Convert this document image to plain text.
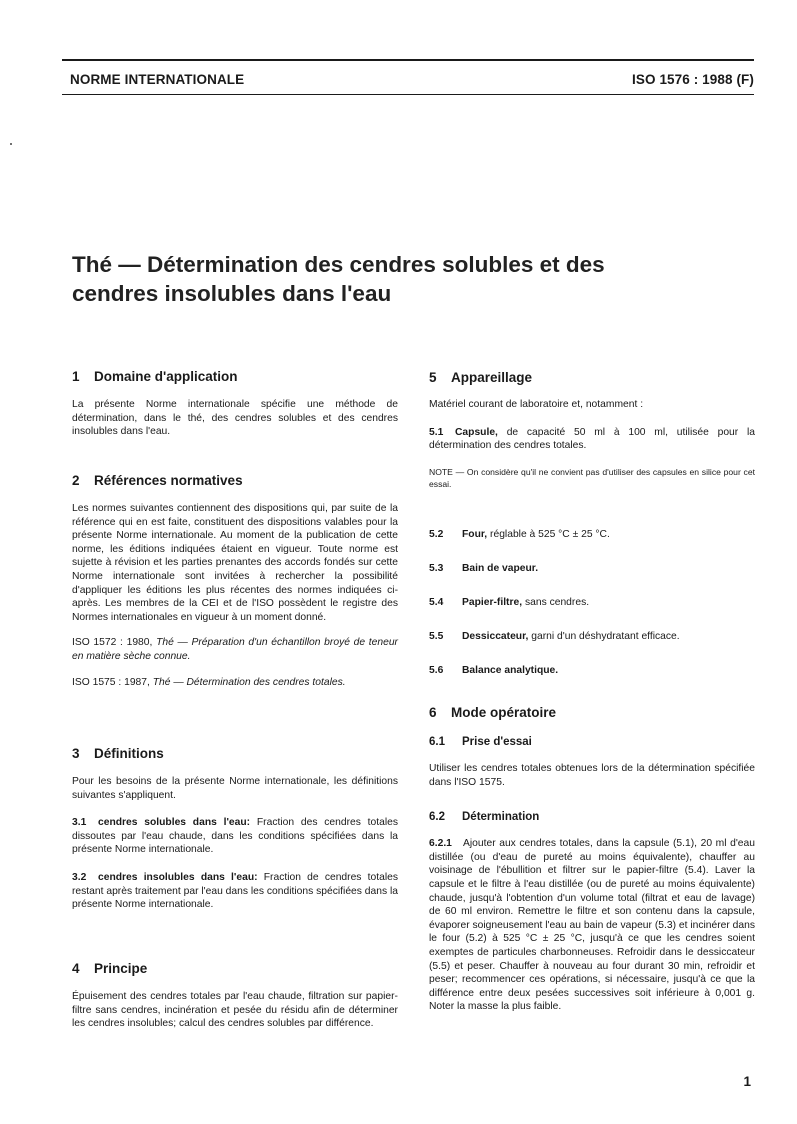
NORME INTERNATIONALE	ISO 1576 : 1988 (F)
Thé — Détermination des cendres solubles et des
cendres insolubles dans l'eau
1 Domaine d'application

La présente Norme internationale spécifie une méthode de détermination, dans le thé, des cendres solubles et des cendres insolubles dans l'eau.

2 Références normatives

Les normes suivantes contiennent des dispositions qui, par suite de la référence qui en est faite, constituent des dispositions valables pour la présente Norme internationale. Au moment de la publication de cette norme, les éditions indiquées étaient en vigueur. Toute norme est sujette à révision et les parties prenantes des accords fondés sur cette Norme internationale sont invitées à rechercher la possibilité d'appliquer les éditions les plus récentes des normes indiquées ci-après. Les membres de la CEI et de l'ISO possèdent le registre des Normes internationales en vigueur à un moment donné.

ISO 1572 : 1980, Thé — Préparation d'un échantillon broyé de teneur en matière sèche connue.

ISO 1575 : 1987, Thé — Détermination des cendres totales.

3 Définitions

Pour les besoins de la présente Norme internationale, les définitions suivantes s'appliquent.

3.1 cendres solubles dans l'eau: Fraction des cendres totales dissoutes par l'eau chaude, dans les conditions spécifiées dans la présente Norme internationale.

3.2 cendres insolubles dans l'eau: Fraction de cendres totales restant après traitement par l'eau dans les conditions spécifiées dans la présente Norme internationale.

4 Principe

Épuisement des cendres totales par l'eau chaude, filtration sur papier-filtre sans cendres, incinération et pesée du résidu afin de déterminer les cendres insolubles; calcul des cendres solubles par différence.

5 Appareillage

Matériel courant de laboratoire et, notamment :

5.1 Capsule, de capacité 50 ml à 100 ml, utilisée pour la détermination des cendres totales.

NOTE — On considère qu'il ne convient pas d'utiliser des capsules en silice pour cet essai.

5.2 Four, réglable à 525 °C ± 25 °C.
5.3 Bain de vapeur.
5.4 Papier-filtre, sans cendres.
5.5 Dessiccateur, garni d'un déshydratant efficace.
5.6 Balance analytique.
6 Mode opératoire
6.1 Prise d'essai

Utiliser les cendres totales obtenues lors de la détermination spécifiée dans l'ISO 1575.

6.2 Détermination

6.2.1 Ajouter aux cendres totales, dans la capsule (5.1), 20 ml d'eau distillée (ou d'eau de pureté au moins équivalente), chauffer au voisinage de l'ébullition et filtrer sur le papier-filtre (5.4). Laver la capsule et le filtre à l'eau distillée (ou de pureté au moins équivalente) chaude, jusqu'à l'obtention d'un volume total (filtrat et eau de lavage) de 60 ml environ. Remettre le filtre et son contenu dans la capsule, évaporer soigneusement l'eau au bain de vapeur (5.3) et incinérer dans le four (5.2) à 525 °C ± 25 °C, jusqu'à ce que les cendres soient exemptes de particules charbonneuses. Refroidir dans le dessiccateur (5.5) et peser. Chauffer à nouveau au four durant 30 min, refroidir et peser; recommencer ces opérations, si nécessaire, jusqu'à ce que la différence entre deux pesées successives soit inférieure à 0,001 g. Noter la masse la plus faible.

1
